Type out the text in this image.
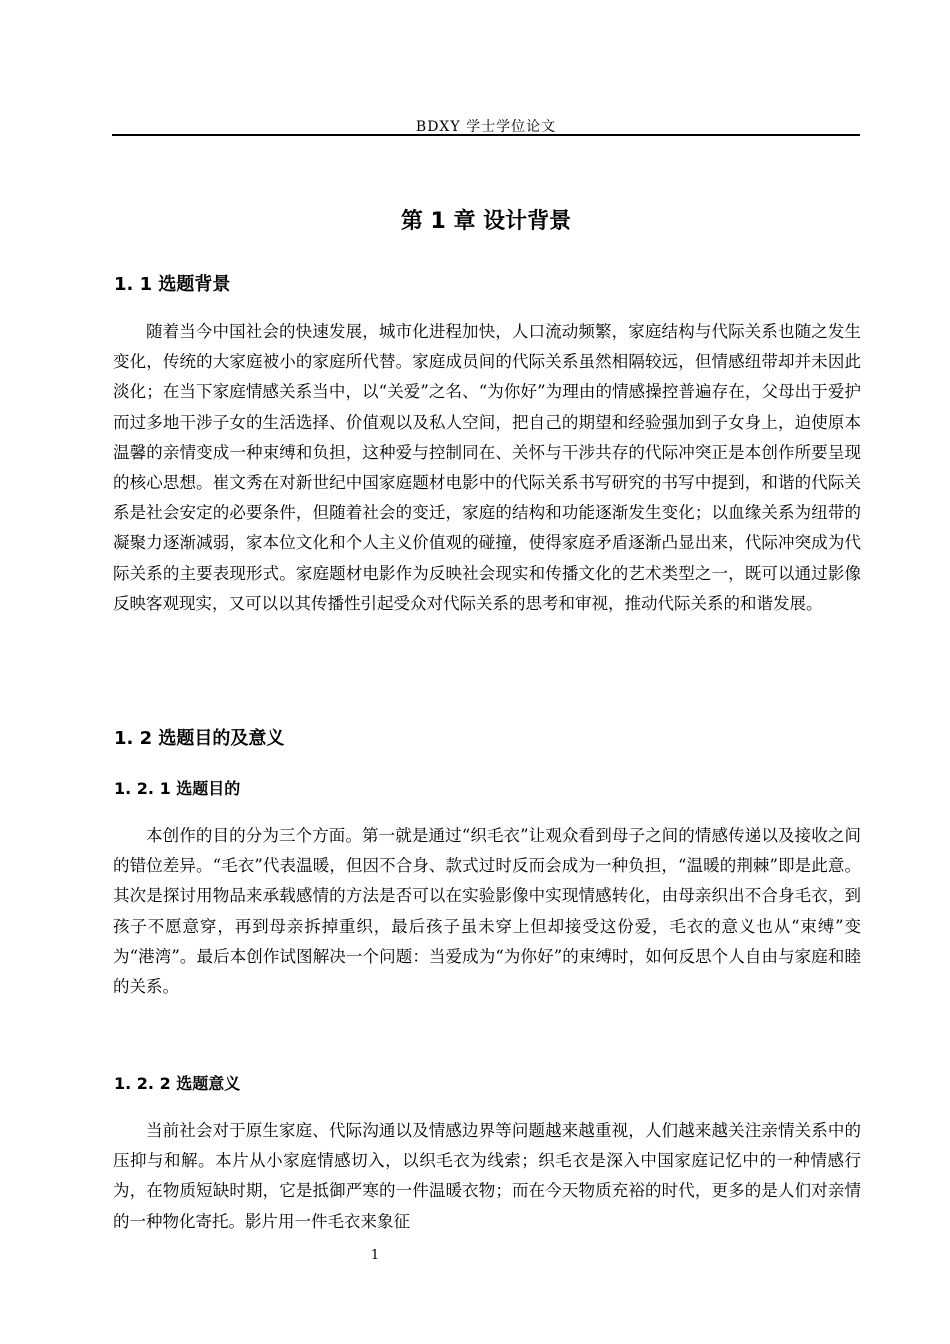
BDXY 学士学位论文
第 1 章 设计背景
1. 1 选题背景

随着当今中国社会的快速发展，城市化进程加快，人口流动频繁，家庭结构与代际关系也随之发生变化，传统的大家庭被小的家庭所代替。家庭成员间的代际关系虽然相隔较远，但情感纽带却并未因此淡化；在当下家庭情感关系当中，以“关爱”之名、“为你好”为理由的情感操控普遍存在，父母出于爱护而过多地干涉子女的生活选择、价值观以及私人空间，把自己的期望和经验强加到子女身上，迫使原本温馨的亲情变成一种束缚和负担，这种爱与控制同在、关怀与干涉共存的代际冲突正是本创作所要呈现的核心思想。崔文秀在对新世纪中国家庭题材电影中的代际关系书写研究的书写中提到，和谐的代际关系是社会安定的必要条件，但随着社会的变迁，家庭的结构和功能逐渐发生变化；以血缘关系为纽带的凝聚力逐渐减弱，家本位文化和个人主义价值观的碰撞，使得家庭矛盾逐渐凸显出来，代际冲突成为代际关系的主要表现形式。家庭题材电影作为反映社会现实和传播文化的艺术类型之一，既可以通过影像反映客观现实，又可以以其传播性引起受众对代际关系的思考和审视，推动代际关系的和谐发展。

1. 2 选题目的及意义
1. 2. 1 选题目的

本创作的目的分为三个方面。第一就是通过“织毛衣”让观众看到母子之间的情感传递以及接收之间的错位差异。“毛衣”代表温暖，但因不合身、款式过时反而会成为一种负担，“温暖的荆棘”即是此意。其次是探讨用物品来承载感情的方法是否可以在实验影像中实现情感转化，由母亲织出不合身毛衣，到孩子不愿意穿，再到母亲拆掉重织，最后孩子虽未穿上但却接受这份爱，毛衣的意义也从“束缚”变为“港湾”。最后本创作试图解决一个问题：当爱成为“为你好”的束缚时，如何反思个人自由与家庭和睦的关系。

1. 2. 2 选题意义

当前社会对于原生家庭、代际沟通以及情感边界等问题越来越重视，人们越来越关注亲情关系中的压抑与和解。本片从小家庭情感切入，以织毛衣为线索；织毛衣是深入中国家庭记忆中的一种情感行为，在物质短缺时期，它是抵御严寒的一件温暖衣物；而在今天物质充裕的时代，更多的是人们对亲情的一种物化寄托。影片用一件毛衣来象征

1
